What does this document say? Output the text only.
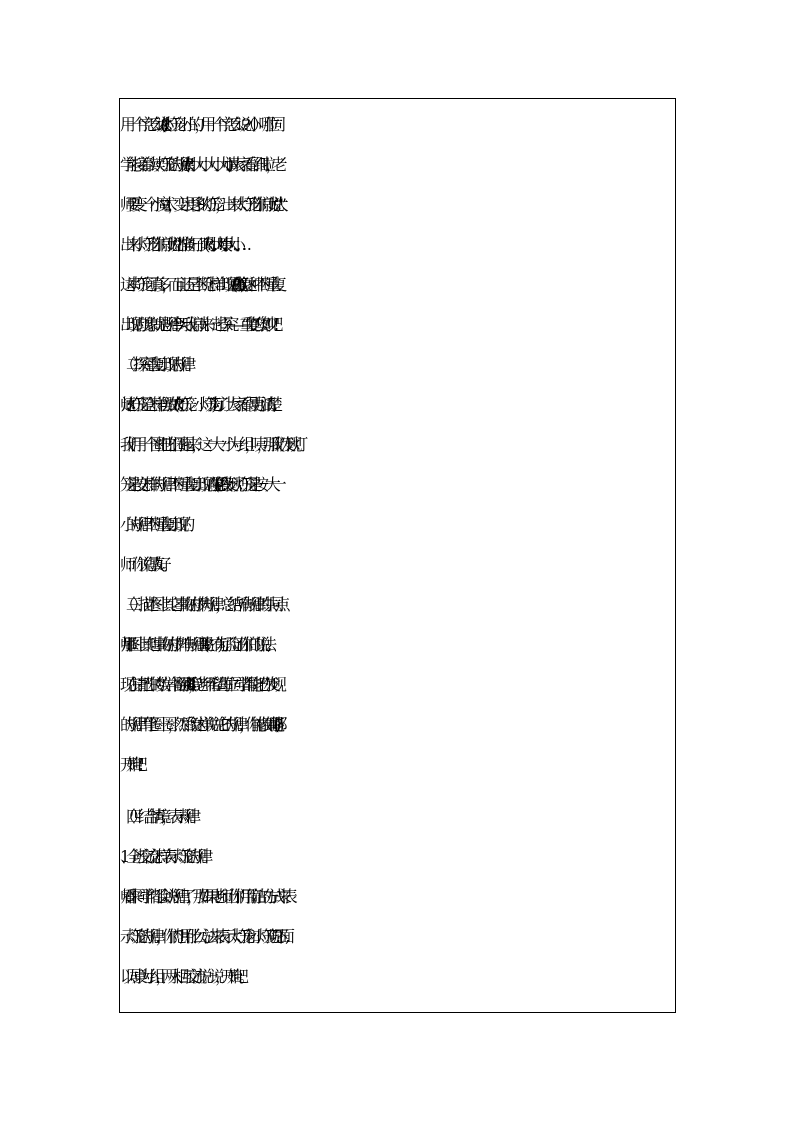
用一个字怎么说?(大)小灯笼小小的，用一个字怎么说?（小）哪位同
学能接着读读灯笼的规律?(大小大小大小大小)请大家看仔细啦，老
师要变一个小魔术，变出更多的灯笼，出来大灯笼你们就说“大”,
出来小灯笼你们就说“小”准备好了吗?(大小大小大小…. . . …”咦。
这串灯笼可真多，而且还是不断怎样出现的?(重复)像这种不断重复
出现的现象就是规律!今天我们就来一起探究——“重复”的奥妙吧!
（二） 探究重复出现的规律
师:这灯笼是怎样摆放的?(大灯笼、小灯笼)为了让大家看得更加清楚,
我们用一个圈把它们圈起来，这一大一小为一组，咦，那我们发现灯
笼是按怎样的规律不断重复出现的呢?(生答:我发现灯笼是按一大一
小的规律不断重复出现的
师：你说得真好。
（三）描述图上其它事物的排列规律，总结所有规律的共同点
师:那图上其他事物的排列有规律吗?(生：有)为了验证你们的说法,
现在请把你的数学书翻到第 84 页，老师希望每位同学都能把你发现
的规律用笔圈一圈，然后像这样说说它的规律，你能做到吗?(能)那
开始吧!
（四）结合情境，表示规律
1、全班交流怎样表示灯笼的规律
师:看来同学们都会说规律了，那如果老师让你们用简洁的方式来表
示灯笼的规律，你们想用什么方法来表示大灯笼和小灯笼呢?下面,
以同桌为小组，两人相互交流说一说，开始吧。
